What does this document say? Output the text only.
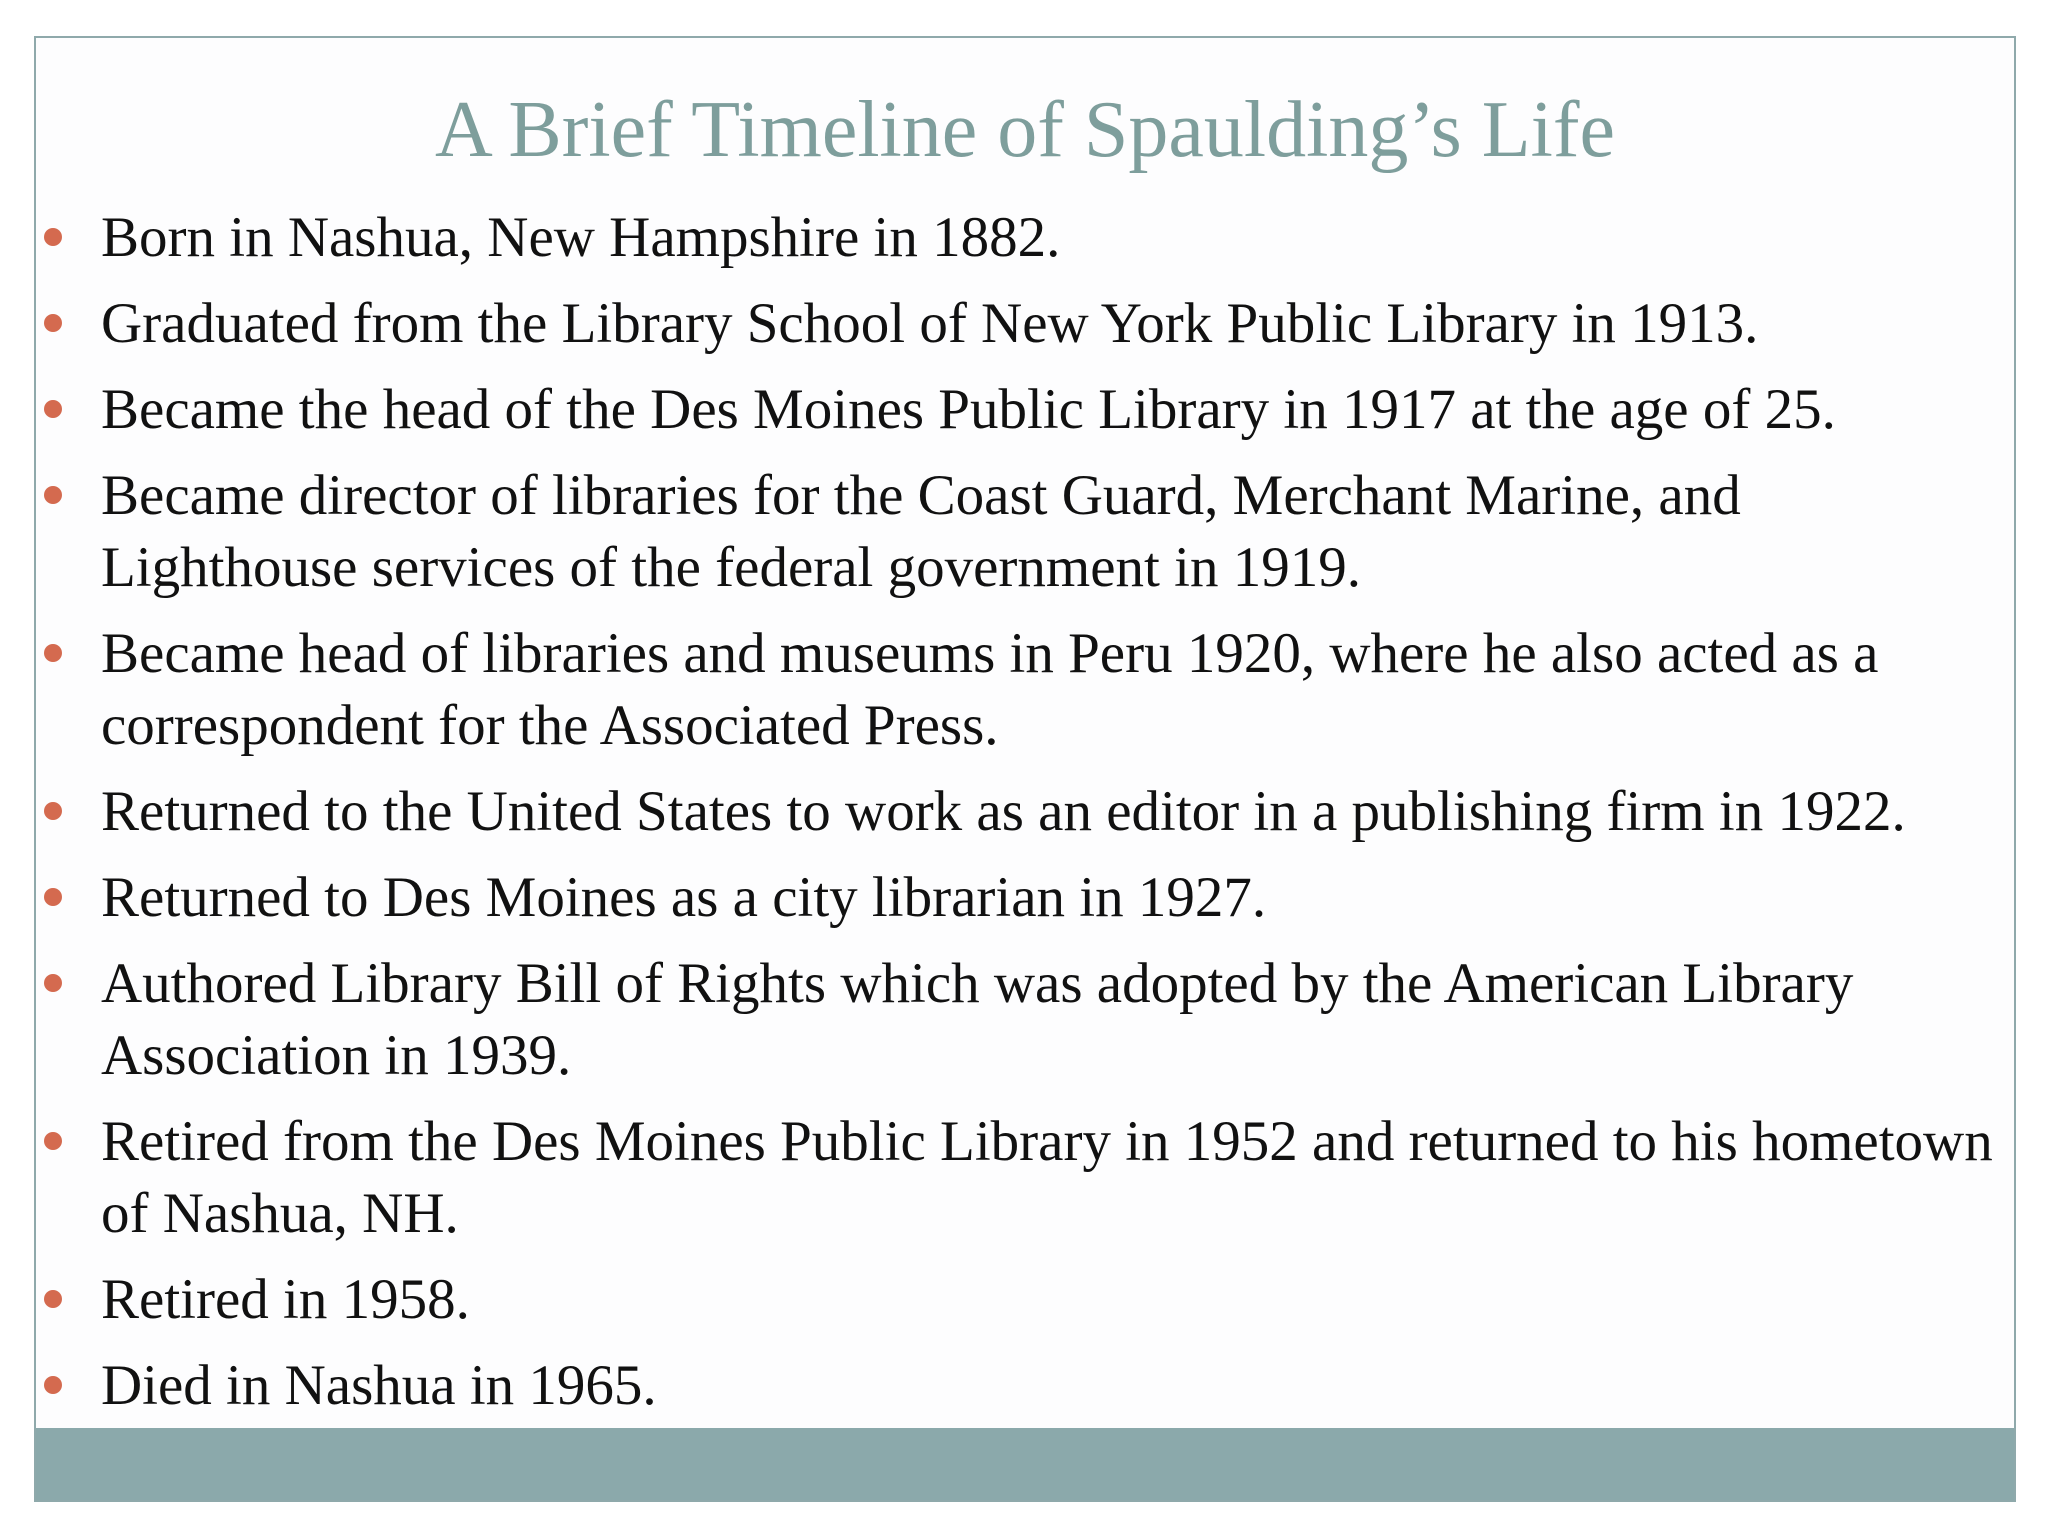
A Brief Timeline of Spaulding’s Life
Born in Nashua, New Hampshire in 1882.
Graduated from the Library School of New York Public Library in 1913.
Became the head of the Des Moines Public Library in 1917 at the age of 25.
Became director of libraries for the Coast Guard, Merchant Marine, and Lighthouse services of the federal government in 1919.
Became head of libraries and museums in Peru 1920, where he also acted as a correspondent for the Associated Press.
Returned to the United States to work as an editor in a publishing firm in 1922.
Returned to Des Moines as a city librarian in 1927.
Authored Library Bill of Rights which was adopted by the American Library Association in 1939.
Retired from the Des Moines Public Library in 1952 and returned to his hometown of Nashua, NH.
Retired in 1958.
Died in Nashua in 1965.
